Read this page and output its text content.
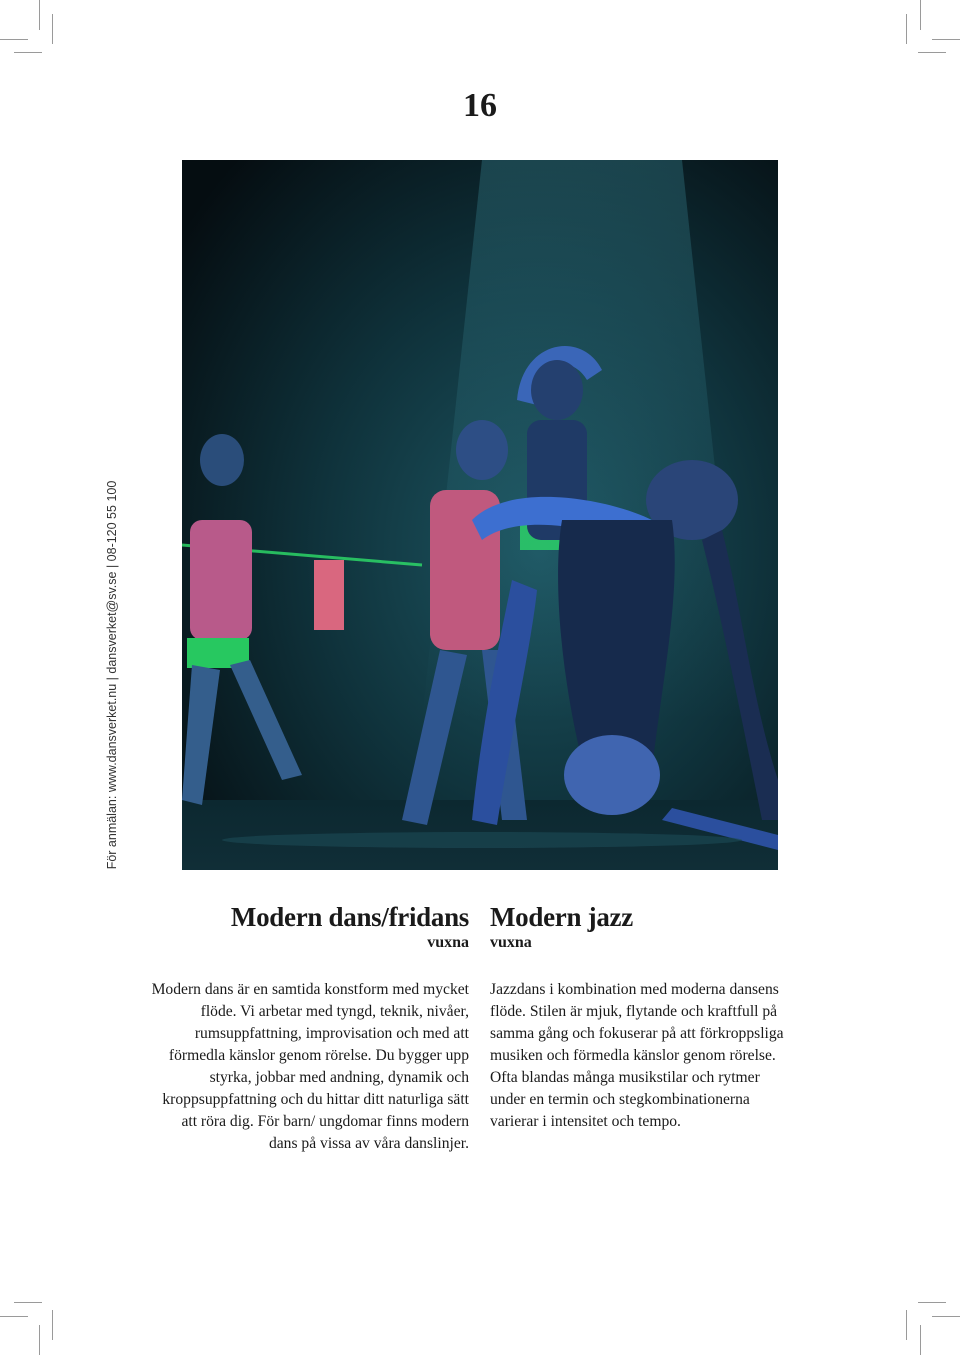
16
För anmälan: www.dansverket.nu | dansverket@sv.se | 08-120 55 100
Modern dans/fridans

vuxna

Modern dans är en samtida konstform med mycket flöde. Vi arbetar med tyngd, teknik, nivåer, rumsuppfattning, improvisation och med att förmedla känslor genom rörelse. Du bygger upp styrka, jobbar med andning, dynamik och kroppsuppfattning och du hittar ditt naturliga sätt att röra dig. För barn/ ungdomar finns modern dans på vissa av våra danslinjer.

Modern jazz

vuxna

Jazzdans i kombination med moderna dansens flöde. Stilen är mjuk, flytande och kraftfull på samma gång och fokuserar på att förkroppsliga musiken och förmedla känslor genom rörelse. Ofta blandas många musikstilar och rytmer under en termin och stegkombinationerna varierar i intensitet och tempo.
